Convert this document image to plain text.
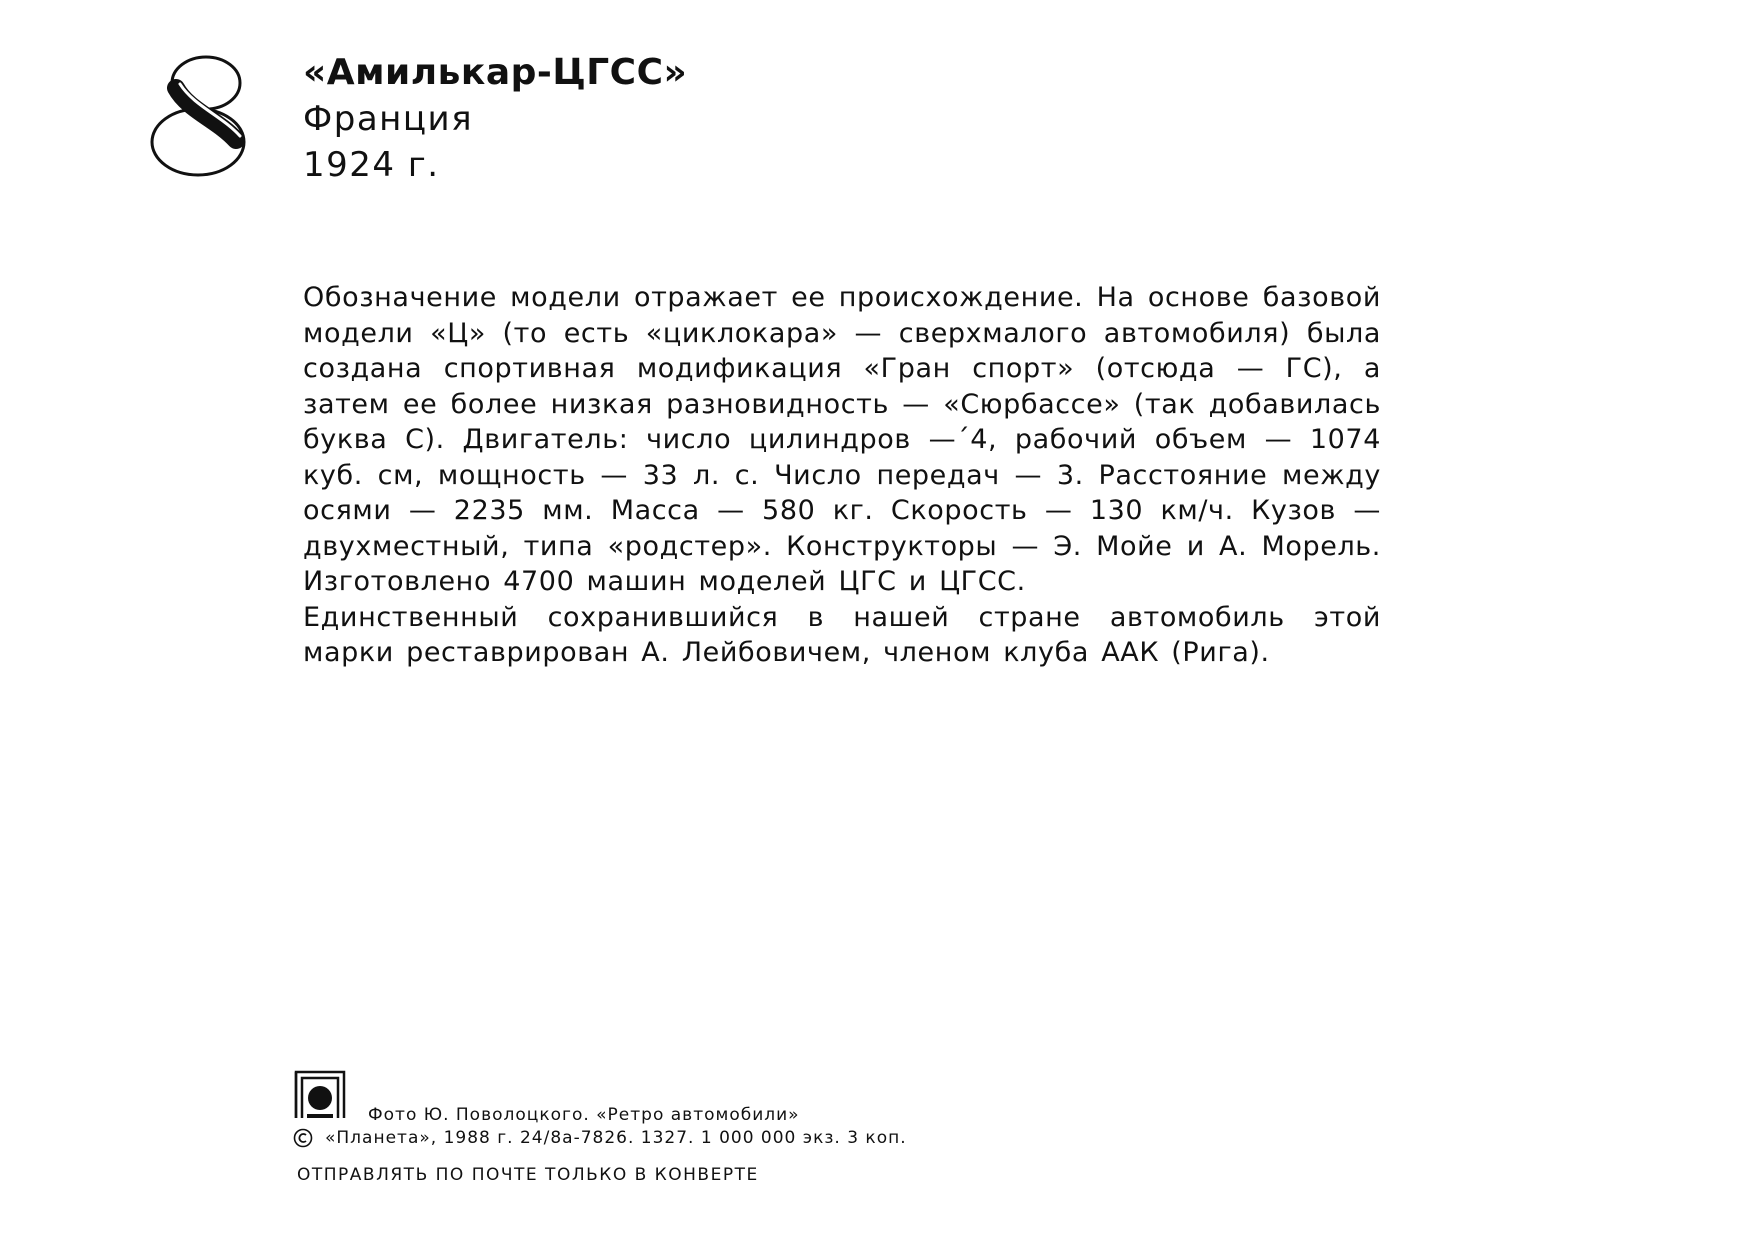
«Амилькар-ЦГСС»

Франция

1924 г.

Обозначение модели отражает ее происхождение. На основе базовой модели «Ц» (то есть «циклокара» — сверхмалого автомобиля) была создана спортивная модификация «Гран спорт» (отсюда — ГС), а затем ее более низкая разновидность — «Сюрбассе» (так добавилась буква С). Двигатель: число цилиндров —´4, рабочий объем — 1074 куб. см, мощность — 33 л. с. Число передач — 3. Расстояние между осями — 2235 мм. Масса — 580 кг. Скорость — 130 км/ч. Кузов — двухместный, типа «родстер». Конструкторы — Э. Мойе и А. Морель. Изготовлено 4700 машин моделей ЦГС и ЦГСС.

Единственный сохранившийся в нашей стране автомобиль этой марки реставрирован А. Лейбовичем, членом клуба ААК (Рига).

Фото Ю. Поволоцкого. «Ретро автомобили»
«Планета», 1988 г. 24/8а-7826. 1327. 1 000 000 экз. 3 коп.
ОТПРАВЛЯТЬ ПО ПОЧТЕ ТОЛЬКО В КОНВЕРТЕ
